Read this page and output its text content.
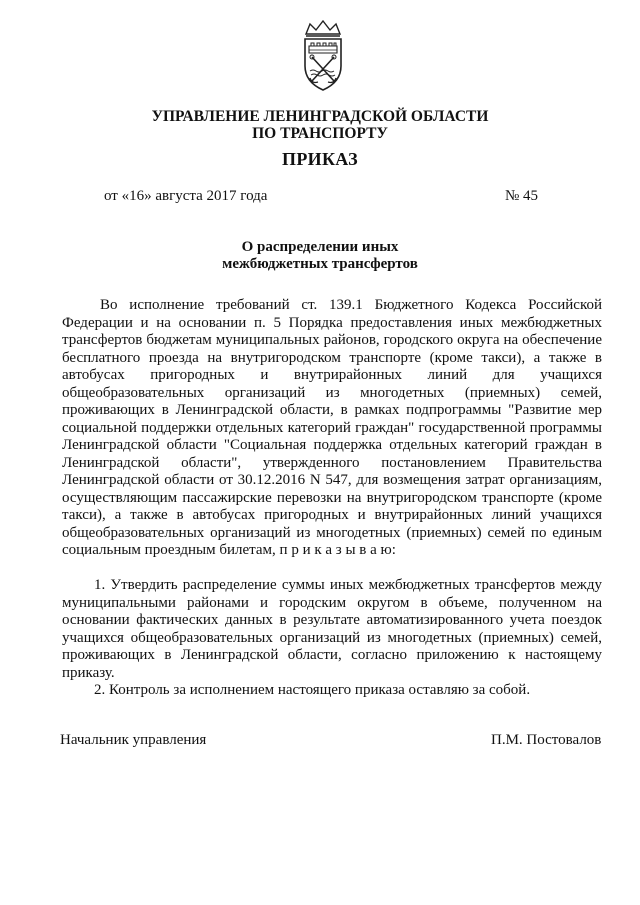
УПРАВЛЕНИЕ ЛЕНИНГРАДСКОЙ ОБЛАСТИ
ПО ТРАНСПОРТУ
ПРИКАЗ
от «16» августа 2017 года	№ 45
О распределении иных
межбюджетных трансфертов

Во исполнение требований ст. 139.1 Бюджетного Кодекса Российской Федерации и на основании п. 5 Порядка предоставления иных межбюджетных трансфертов бюджетам муниципальных районов, городского округа на обеспечение бесплатного проезда на внутригородском транспорте (кроме такси), а также в автобусах пригородных и внутрирайонных линий для учащихся общеобразовательных организаций из многодетных (приемных) семей, проживающих в Ленинградской области, в рамках подпрограммы "Развитие мер социальной поддержки отдельных категорий граждан" государственной программы Ленинградской области "Социальная поддержка отдельных категорий граждан в Ленинградской области", утвержденного постановлением Правительства Ленинградской области от 30.12.2016 N 547, для возмещения затрат организациям, осуществляющим пассажирские перевозки на внутригородском транспорте (кроме такси), а также в автобусах пригородных и внутрирайонных линий учащихся общеобразовательных организаций из многодетных (приемных) семей по единым социальным проездным билетам, п р и к а з ы в а ю:

1. Утвердить распределение суммы иных межбюджетных трансфертов между муниципальными районами и городским округом в объеме, полученном на основании фактических данных в результате автоматизированного учета поездок учащихся общеобразовательных организаций из многодетных (приемных) семей, проживающих в Ленинградской области, согласно приложению к настоящему приказу.

2. Контроль за исполнением настоящего приказа оставляю за собой.

Начальник управления	П.М. Постовалов
